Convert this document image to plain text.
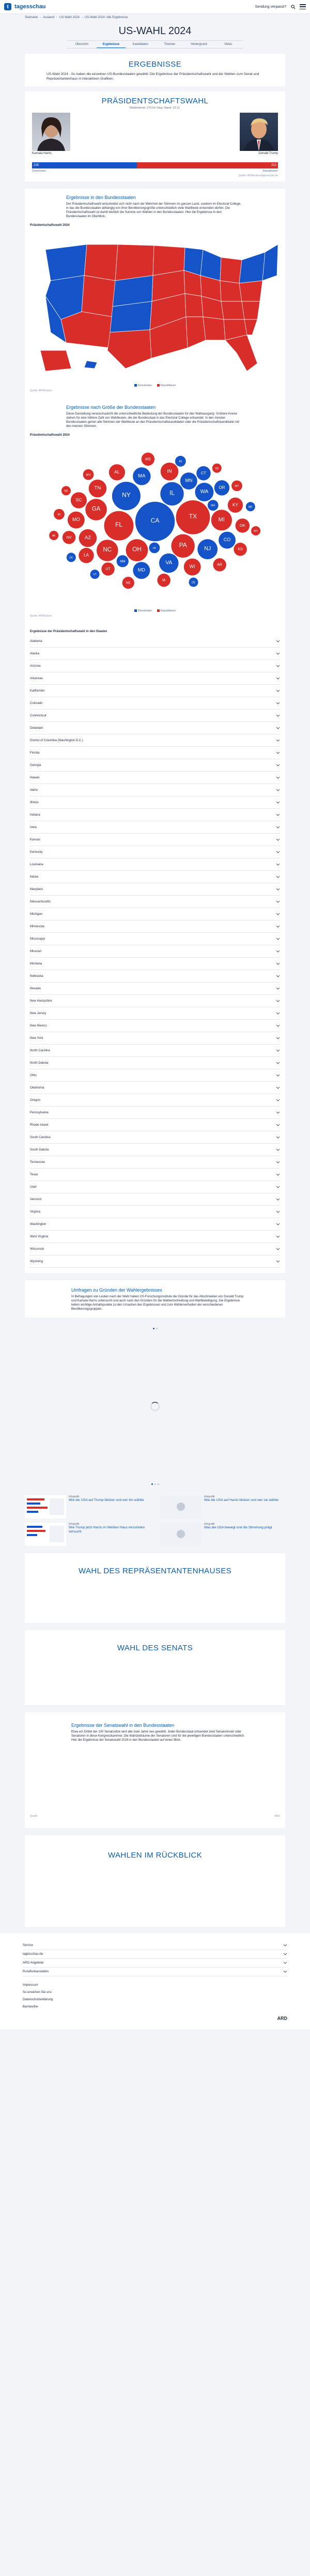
t	tagesschau	Sendung verpasst?
Startseite › Ausland › US-Wahl 2024 › US-Wahl 2024: Alle Ergebnisse
US-WAHL 2024
Übersicht	Ergebnisse	Kandidaten	Themen	Hintergrund	Video
ERGEBNISSE
US-Wahl 2024 - So haben die einzelnen US-Bundesstaaten gewählt: Die Ergebnisse der Präsidentschaftswahl und der Wahlen zum Senat und Repräsentantenhaus in interaktiven Grafiken.
PRÄSIDENTSCHAFTSWAHL
Wahlmänner, 270 für Sieg, Stand: 12.11.
Kamala Harris	Donald Trump
226	312
Demokraten	Republikaner
Quelle: AP/Reuters/tagesschau.de
Ergebnisse in den Bundesstaaten
Der Präsidentschaftswahl entscheidet sich nicht nach der Mehrheit der Stimmen im ganzen Land, sondern im Electoral College, in das die Bundesstaaten abhängig von ihrer Bevölkerungsgröße unterschiedlich viele Wahlleute entsenden dürfen. Die Präsidentschaftswahl ist damit letztlich die Summe von Wahlen in den Bundesstaaten. Hier die Ergebnisse in den Bundesstaaten im Überblick.
Präsidentschaftswahl 2024
Demokraten	Republikaner
Quelle: AP/Reuters
Ergebnisse nach Größe der Bundesstaaten
Diese Darstellung veranschaulicht die unterschiedliche Bedeutung der Bundesstaaten für den Wahlausgang: Größere Kreise stehen für eine höhere Zahl von Wahlleuten, die der Bundesstaat in das Electoral College entsendet. In den meisten Bundesstaaten gehen alle Stimmen der Wahlleute an den Präsidentschaftskandidaten oder die Präsidentschaftskandidatin mit den meisten Stimmen.
Präsidentschaftswahl 2024
CA
TX
FL
NY	IL
PA
OH
GA
NC
MI
NJ
VA
WA
MA
AZ
TN
IN
MN
MD
CO
WI
MO
SC
AL
OR
KY
LA
CT
OK
UT
IA
NV
AR
MS
KS
NM
NE
HI
NH
RI
ID
WV
MT
ME
DE
VT
DC
ND
SD
WY
AK
Demokraten	Republikaner
Quelle: AP/Reuters
Ergebnisse der Präsidentschaftswahl in den Staaten
Alabama
Alaska
Arizona
Arkansas
Kalifornien
Colorado
Connecticut
Delaware
District of Columbia (Washington D.C.)
Florida
Georgia
Hawaii
Idaho
Illinois
Indiana
Iowa
Kansas
Kentucky
Louisiana
Maine
Maryland
Massachusetts
Michigan
Minnesota
Mississippi
Missouri
Montana
Nebraska
Nevada
New Hampshire
New Jersey
New Mexico
New York
North Carolina
North Dakota
Ohio
Oklahoma
Oregon
Pennsylvania
Rhode Island
South Carolina
South Dakota
Tennessee
Texas
Utah
Vermont
Virginia
Washington
West Virginia
Wisconsin
Wyoming
Umfragen zu Gründen der Wahlergebnisses
In Befragungen von Leuten nach der Wahl haben US-Forschungsinstitute die Gründe für das Abschneiden von Donald Trump und Kamala Harris untersucht und auch nach den Gründen für die Wahlentscheidung und Wahlbeteiligung. Die Ergebnisse liefern wichtige Anhaltspunkte zu den Ursachen des Ergebnisses und zum Wählerverhalten der verschiedenen Bevölkerungsgruppen.
Infografik
Wie die USA auf Trump blicken und wer ihn wählte
Infografik
Wie die USA auf Harris blicken und wer sie wählte
Infografik
Wie Trump jetzt Harris im Weißen Haus einzuholen versucht
Infografik
Was die USA bewegt und die Stimmung prägt
WAHL DES REPRÄSENTANTENHAUSES
WAHL DES SENATS
Ergebnisse der Senatswahl in den Bundesstaaten
Etwa ein Drittel der 100 Senatssitze wird alle zwei Jahre neu gewählt. Jeder Bundesstaat entsendet zwei Senatorinnen oder Senatoren in diese Kongresskammer. Die Wahlzeiträume der Senatoren sind für die jeweiligen Bundesstaaten unterschiedlich. Hier die Ergebnisse der Senatswahl 2024 in den Bundesstaaten auf einen Blick.
Quelle:	ARD
WAHLEN IM RÜCKBLICK
Service
tagesschau.de
ARD-Angebote
Rundfunkanstalten
Impressum
So erreichen Sie uns
Datenschutzerklärung
Barrierefrei
ARD
